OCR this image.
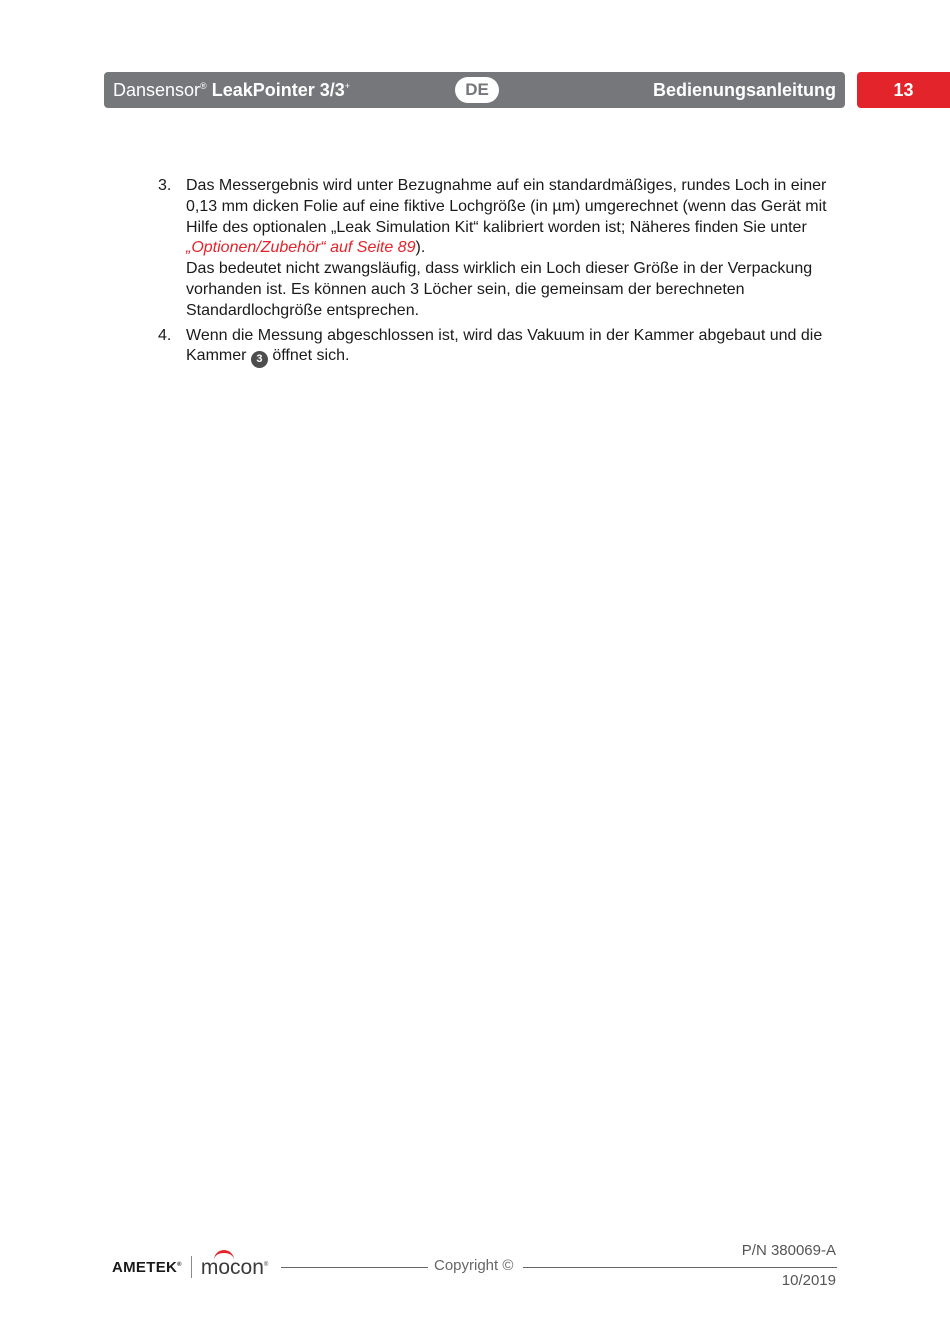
Dansensor® LeakPointer 3/3+	DE	Bedienungsanleitung	13
3. Das Messergebnis wird unter Bezugnahme auf ein standardmäßiges, rundes Loch in einer 0,13 mm dicken Folie auf eine fiktive Lochgröße (in µm) umgerechnet (wenn das Gerät mit Hilfe des optionalen „Leak Simulation Kit“ kalibriert worden ist; Näheres finden Sie unter „Optionen/Zubehör“ auf Seite 89).
Das bedeutet nicht zwangsläufig, dass wirklich ein Loch dieser Größe in der Verpackung vorhanden ist. Es können auch 3 Löcher sein, die gemeinsam der berechneten Standardlochgröße entsprechen.
4. Wenn die Messung abgeschlossen ist, wird das Vakuum in der Kammer abgebaut und die Kammer 3 öffnet sich.
AMETEK® mocon®	Copyright ©
P/N 380069-A
10/2019
